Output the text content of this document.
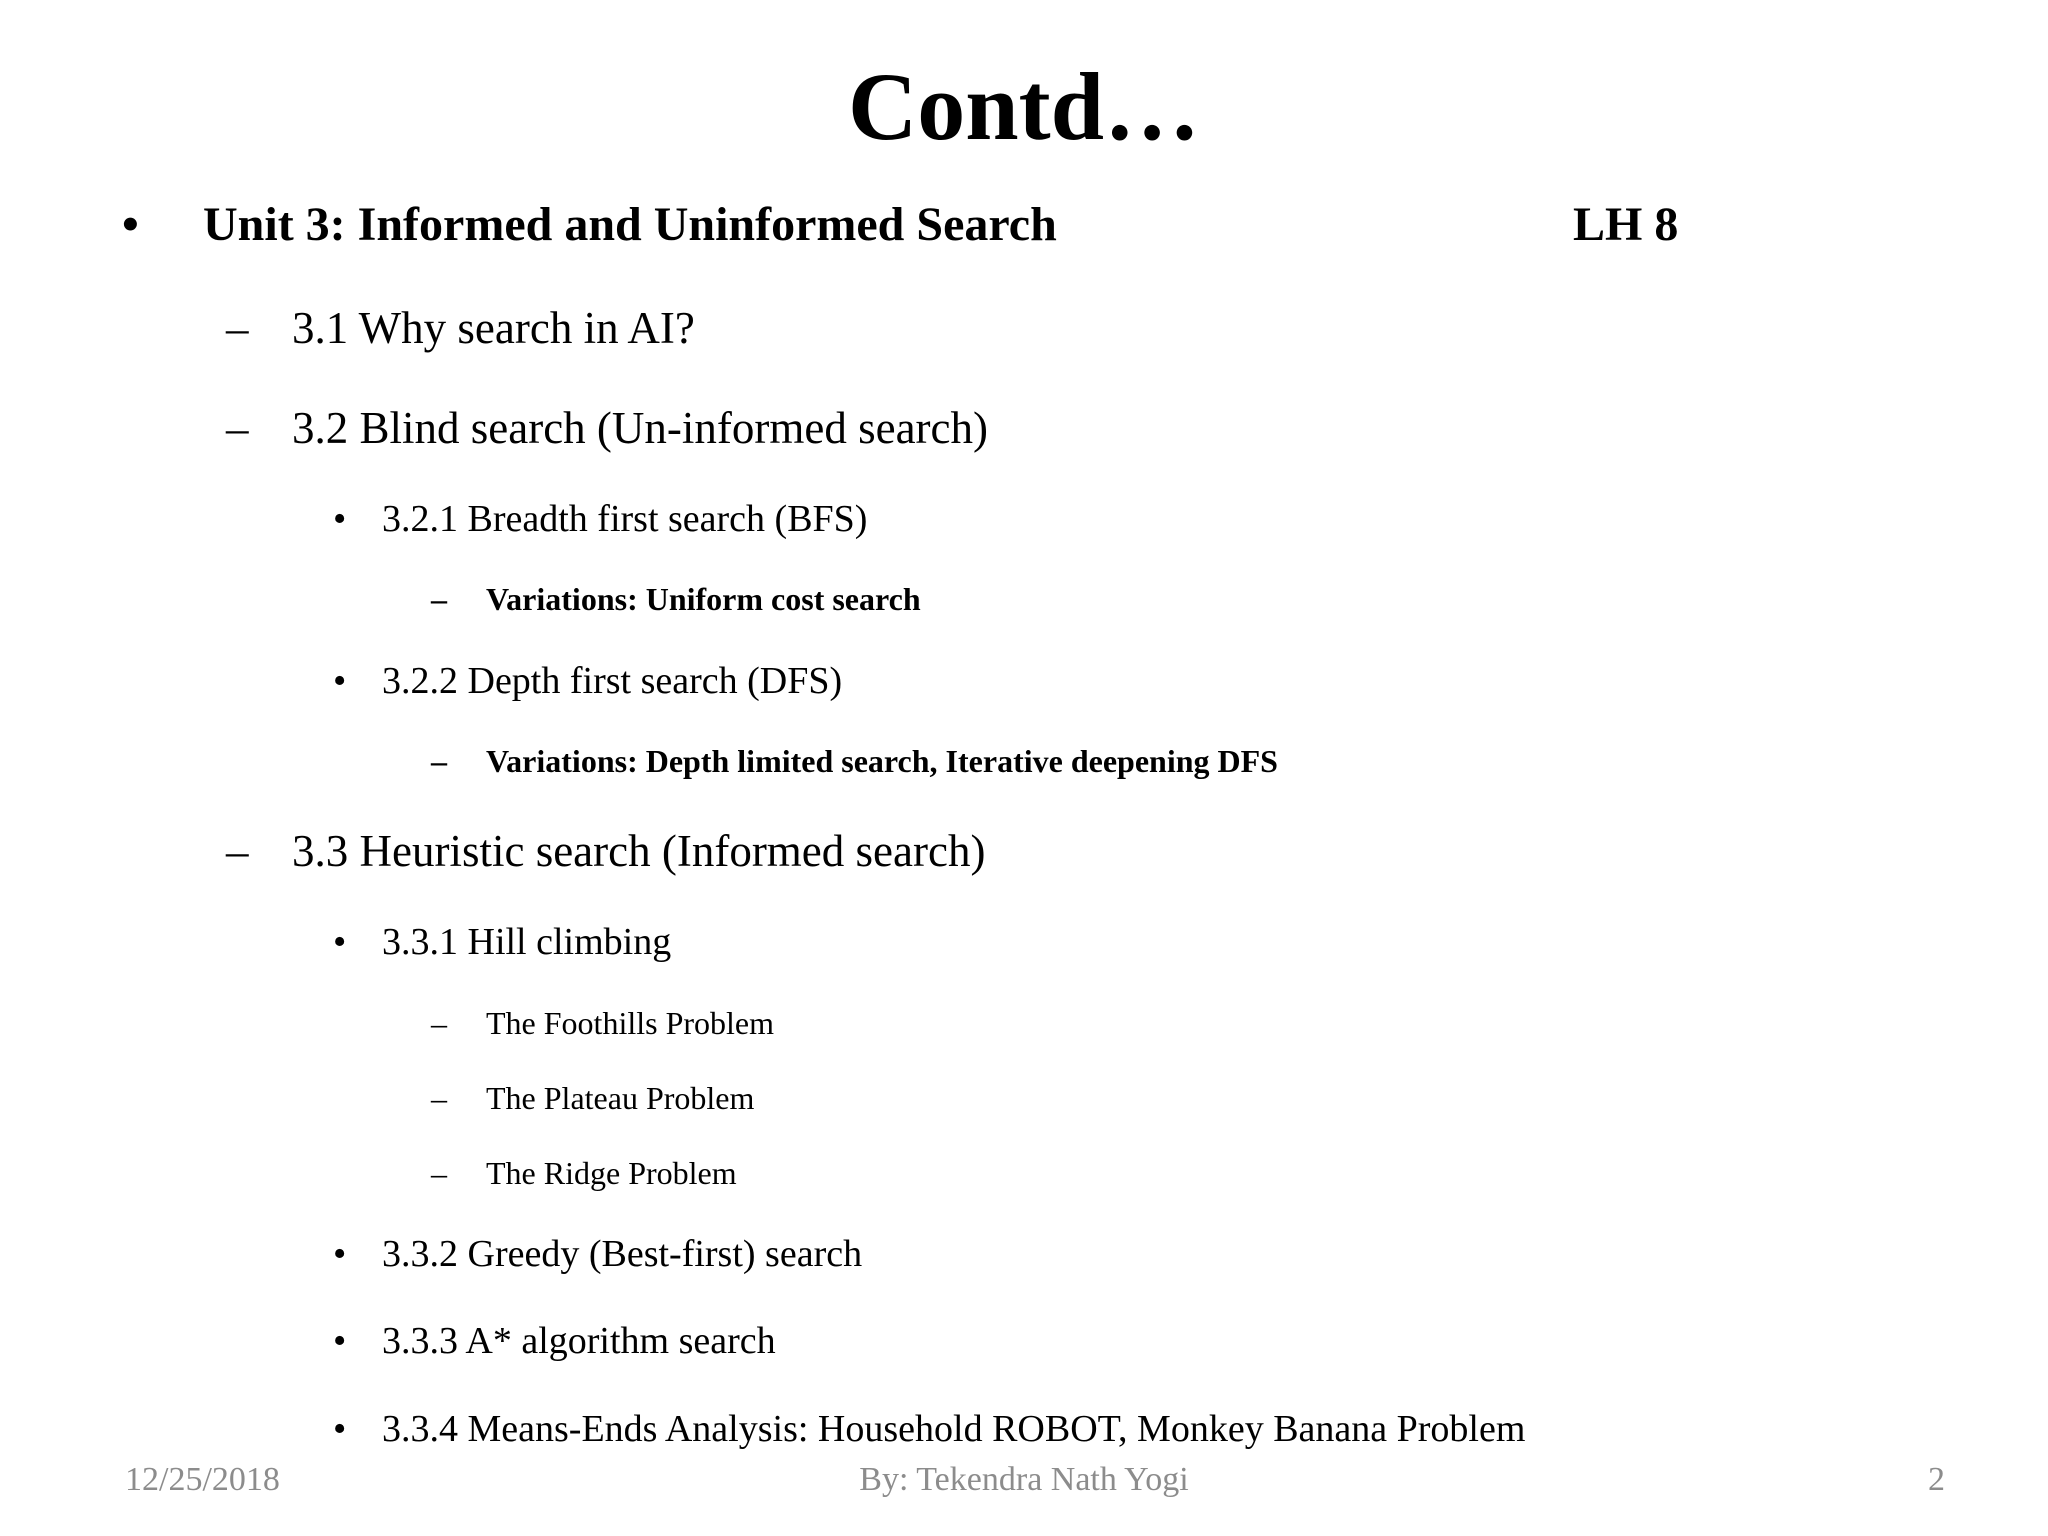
Contd…
• Unit 3: Informed and Uninformed Search	LH 8
– 3.1 Why search in AI?
– 3.2 Blind search (Un-informed search)
• 3.2.1 Breadth first search (BFS)
– Variations: Uniform cost search
• 3.2.2 Depth first search (DFS)
– Variations: Depth limited search, Iterative deepening DFS
– 3.3 Heuristic search (Informed search)
• 3.3.1 Hill climbing
– The Foothills Problem
– The Plateau Problem
– The Ridge Problem
• 3.3.2 Greedy (Best-first) search
• 3.3.3 A* algorithm search
• 3.3.4 Means-Ends Analysis: Household ROBOT, Monkey Banana Problem
12/25/2018	By: Tekendra Nath Yogi	2
